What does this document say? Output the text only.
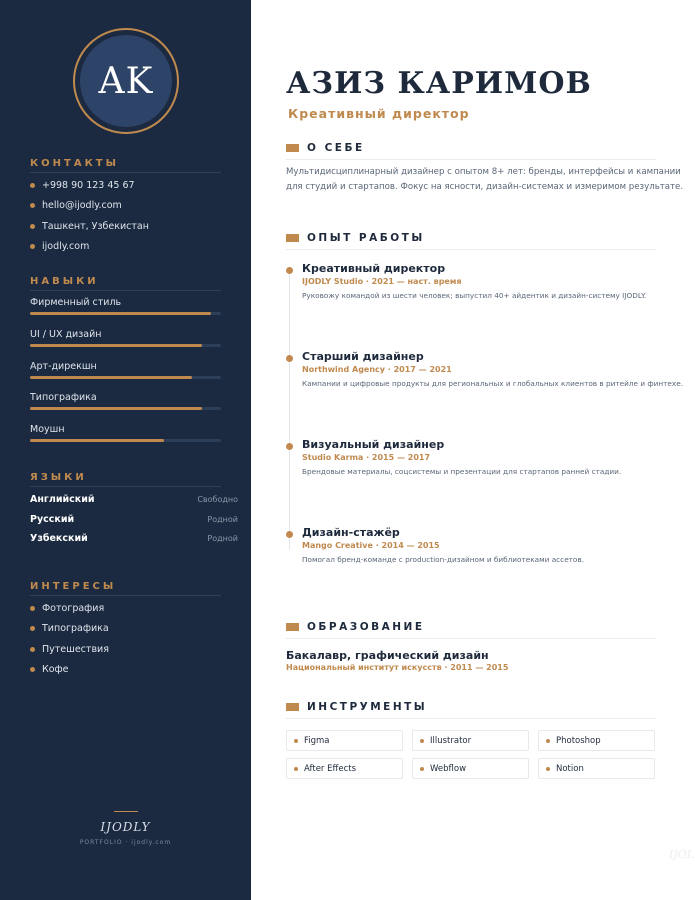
AK
КОНТАКТЫ
+998 90 123 45 67
hello@ijodly.com
Ташкент, Узбекистан
ijodly.com
НАВЫКИ
Фирменный стиль
UI / UX дизайн
Арт-дирекшн
Типографика
Моушн
ЯЗЫКИ
Английский	Свободно
Русский	Родной
Узбекский	Родной
ИНТЕРЕСЫ
Фотография
Типографика
Путешествия
Кофе
IJODLY
PORTFOLIO · ijodly.com
АЗИЗ КАРИМОВ
Креативный директор
О СЕБЕ

Мультидисциплинарный дизайнер с опытом 8+ лет: бренды, интерфейсы и кампании для студий и стартапов. Фокус на ясности, дизайн-системах и измеримом результате.

ОПЫТ РАБОТЫ
Креативный директор
IJODLY Studio · 2021 — наст. время
Руковожу командой из шести человек; выпустил 40+ айдентик и дизайн-систему IJODLY.
Старший дизайнер
Northwind Agency · 2017 — 2021
Кампании и цифровые продукты для региональных и глобальных клиентов в ритейле и финтехе.
Визуальный дизайнер
Studio Karma · 2015 — 2017
Брендовые материалы, соцсистемы и презентации для стартапов ранней стадии.
Дизайн-стажёр
Mango Creative · 2014 — 2015
Помогал бренд-команде с production-дизайном и библиотеками ассетов.
ОБРАЗОВАНИЕ
Бакалавр, графический дизайн
Национальный институт искусств · 2011 — 2015
ИНСТРУМЕНТЫ
Figma	Illustrator	Photoshop
After Effects	Webflow	Notion
IJOL
